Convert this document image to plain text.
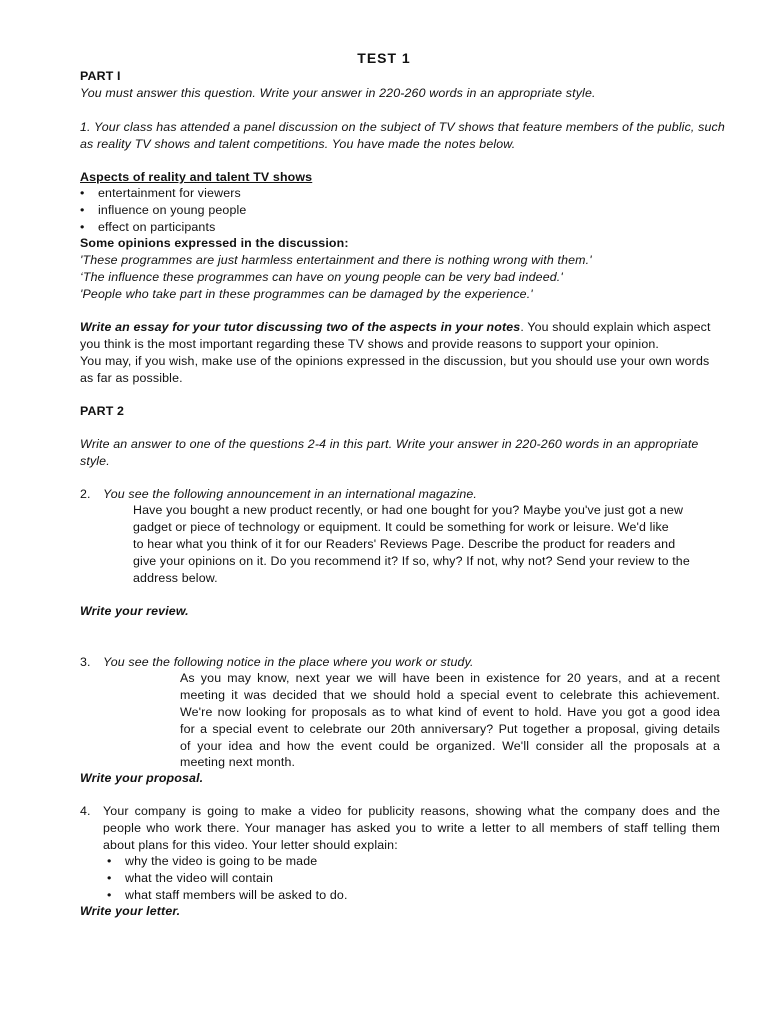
TEST 1
PART I
You must answer this question. Write your answer in 220-260 words in an appropriate style.
1. Your class has attended a panel discussion on the subject of TV shows that feature members of the public, such
as reality TV shows and talent competitions. You have made the notes below.
Aspects of reality and talent TV shows
• entertainment for viewers
• influence on young people
• effect on participants
Some opinions expressed in the discussion:
'These programmes are just harmless entertainment and there is nothing wrong with them.'
‘The influence these programmes can have on young people can be very bad indeed.'
'People who take part in these programmes can be damaged by the experience.'
Write an essay for your tutor discussing two of the aspects in your notes. You should explain which aspect
you think is the most important regarding these TV shows and provide reasons to support your opinion.
You may, if you wish, make use of the opinions expressed in the discussion, but you should use your own words
as far as possible.
PART 2
Write an answer to one of the questions 2-4 in this part. Write your answer in 220-260 words in an appropriate
style.
2. You see the following announcement in an international magazine.
Have you bought a new product recently, or had one bought for you? Maybe you've just got a new
gadget or piece of technology or equipment. It could be something for work or leisure. We'd like
to hear what you think of it for our Readers' Reviews Page. Describe the product for readers and
give your opinions on it. Do you recommend it? If so, why? If not, why not? Send your review to the
address below.
Write your review.
3. You see the following notice in the place where you work or study.
As you may know, next year we will have been in existence for 20 years, and at a recent
meeting it was decided that we should hold a special event to celebrate this achievement.
We're now looking for proposals as to what kind of event to hold. Have you got a good idea
for a special event to celebrate our 20th anniversary? Put together a proposal, giving details
of your idea and how the event could be organized. We'll consider all the proposals at a
meeting next month.
Write your proposal.
4. Your company is going to make a video for publicity reasons, showing what the company does and the
people who work there. Your manager has asked you to write a letter to all members of staff telling them
about plans for this video. Your letter should explain:
• why the video is going to be made
• what the video will contain
• what staff members will be asked to do.
Write your letter.
